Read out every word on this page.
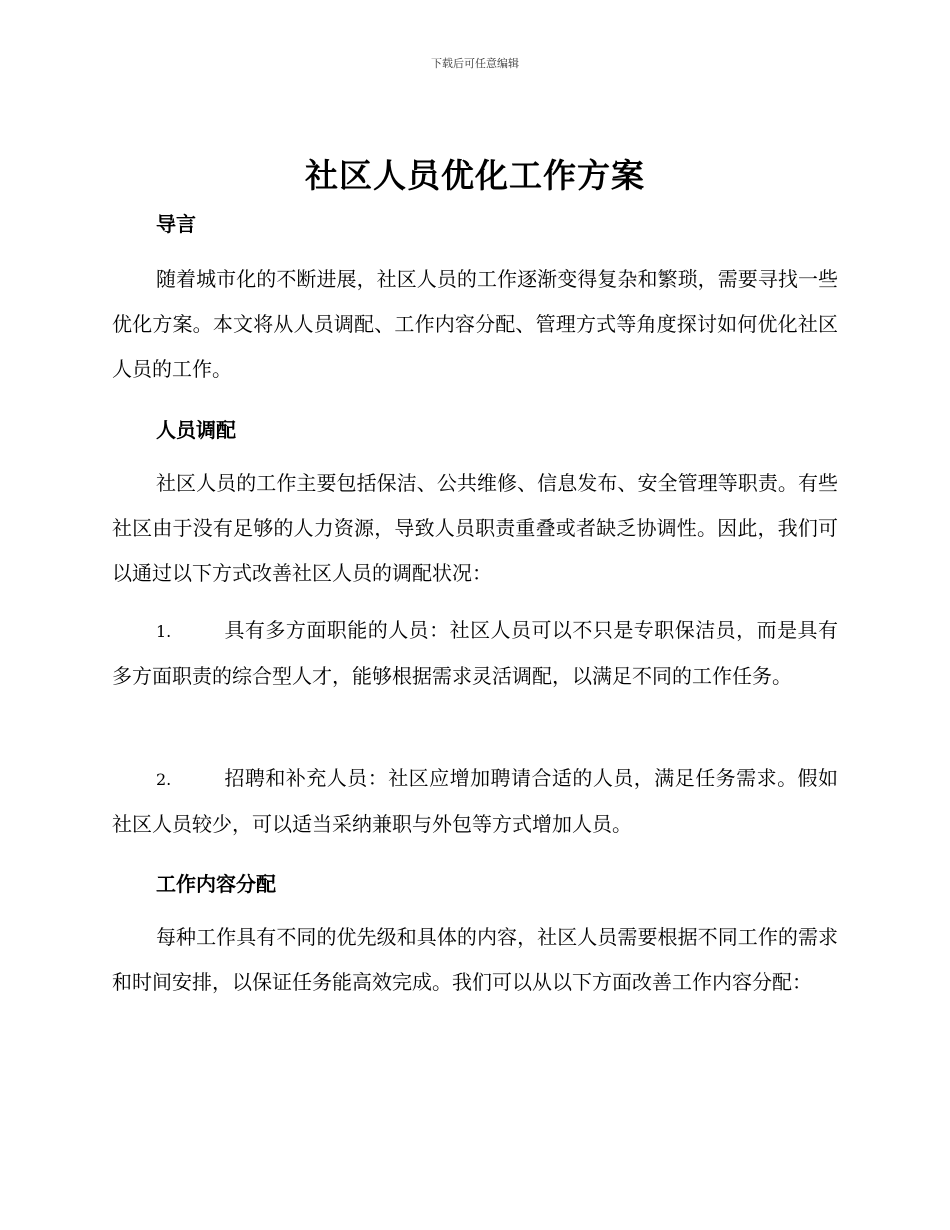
下载后可任意编辑
社区人员优化工作方案
导言
随着城市化的不断进展，社区人员的工作逐渐变得复杂和繁琐，需要寻找一些优化方案。本文将从人员调配、工作内容分配、管理方式等角度探讨如何优化社区人员的工作。
人员调配
社区人员的工作主要包括保洁、公共维修、信息发布、安全管理等职责。有些社区由于没有足够的人力资源，导致人员职责重叠或者缺乏协调性。因此，我们可以通过以下方式改善社区人员的调配状况：
1.	具有多方面职能的人员：社区人员可以不只是专职保洁员，而是具有多方面职责的综合型人才，能够根据需求灵活调配，以满足不同的工作任务。
2.	招聘和补充人员：社区应增加聘请合适的人员，满足任务需求。假如社区人员较少，可以适当采纳兼职与外包等方式增加人员。
工作内容分配
每种工作具有不同的优先级和具体的内容，社区人员需要根据不同工作的需求和时间安排，以保证任务能高效完成。我们可以从以下方面改善工作内容分配：
